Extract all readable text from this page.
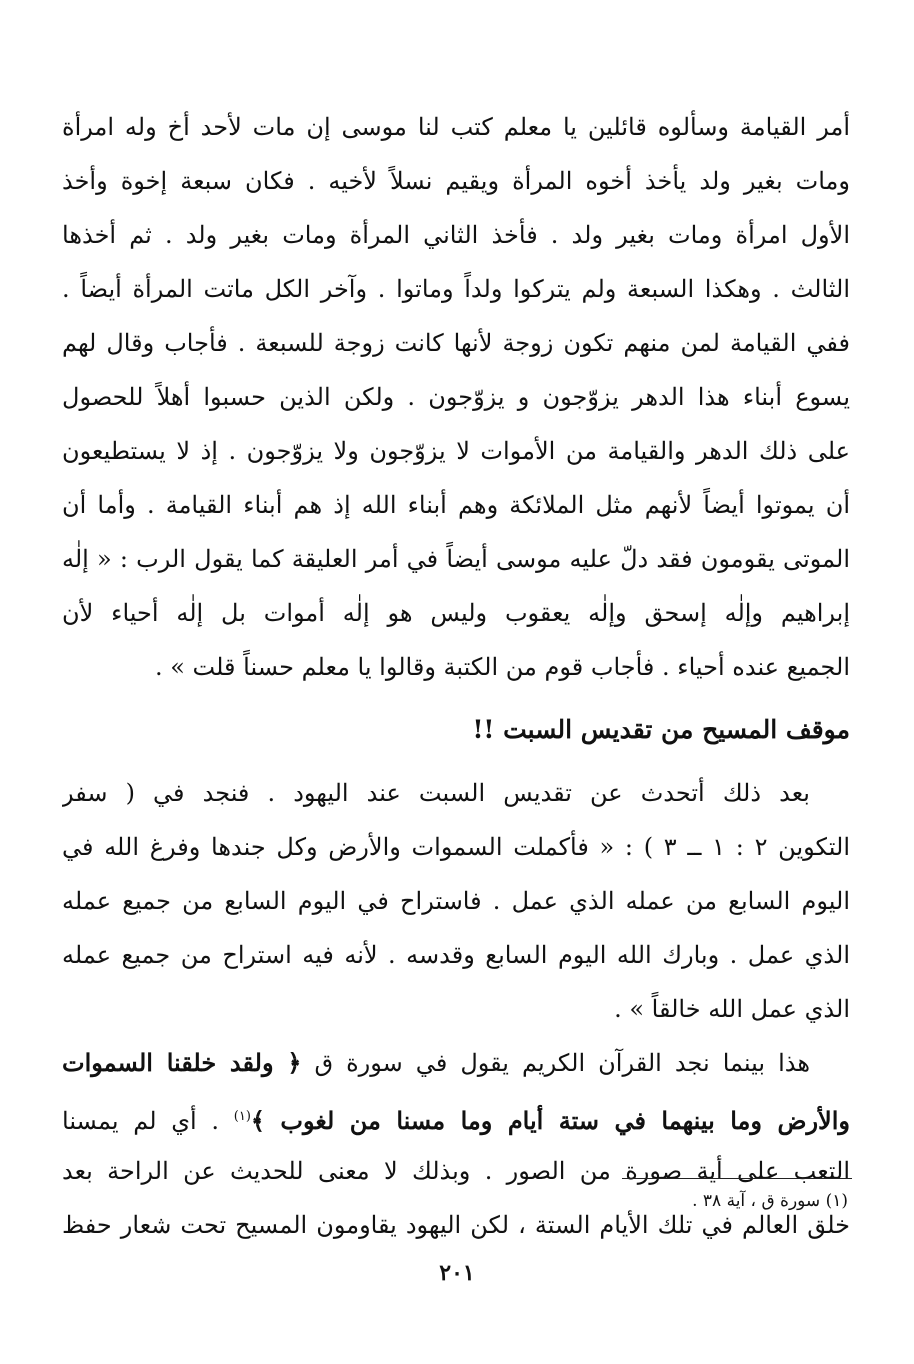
أمر القيامة وسألوه قائلين يا معلم كتب لنا موسى إن مات لأحد أخ وله امرأة
ومات بغير ولد يأخذ أخوه المرأة ويقيم نسلاً لأخيه . فكان سبعة إخوة وأخذ
الأول امرأة ومات بغير ولد . فأخذ الثاني المرأة ومات بغير ولد . ثم أخذها
الثالث . وهكذا السبعة ولم يتركوا ولداً وماتوا . وآخر الكل ماتت المرأة أيضاً .
ففي القيامة لمن منهم تكون زوجة لأنها كانت زوجة للسبعة . فأجاب وقال لهم
يسوع أبناء هذا الدهر يزوّجون و يزوّجون . ولكن الذين حسبوا أهلاً للحصول
على ذلك الدهر والقيامة من الأموات لا يزوّجون ولا يزوّجون . إذ لا يستطيعون
أن يموتوا أيضاً لأنهم مثل الملائكة وهم أبناء الله إذ هم أبناء القيامة . وأما أن
الموتى يقومون فقد دلّ عليه موسى أيضاً في أمر العليقة كما يقول الرب : « إلٰه
إبراهيم وإلٰه إسحق وإلٰه يعقوب وليس هو إلٰه أموات بل إلٰه أحياء لأن
الجميع عنده أحياء . فأجاب قوم من الكتبة وقالوا يا معلم حسناً قلت » .
موقف المسيح من تقديس السبت !!
بعد ذلك أتحدث عن تقديس السبت عند اليهود . فنجد في ( سفر
التكوين ٢ : ١ ــ ٣ ) : « فأكملت السموات والأرض وكل جندها وفرغ الله في
اليوم السابع من عمله الذي عمل . فاستراح في اليوم السابع من جميع عمله
الذي عمل . وبارك الله اليوم السابع وقدسه . لأنه فيه استراح من جميع عمله
الذي عمل الله خالقاً » .
هذا بينما نجد القرآن الكريم يقول في سورة ق ﴿ ولقد خلقنا السموات
والأرض وما بينهما في ستة أيام وما مسنا من لغوب ﴾$^{(١)}$ . أي لم يمسنا
التعب على أية صورة من الصور . وبذلك لا معنى للحديث عن الراحة بعد
خلق العالم في تلك الأيام الستة ، لكن اليهود يقاومون المسيح تحت شعار حفظ
(١) سورة ق ، آية ٣٨ .
٢٠١
